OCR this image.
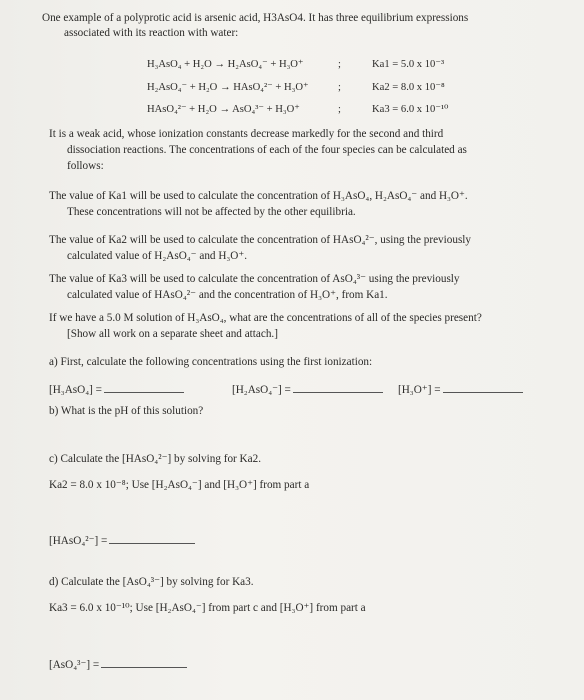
One example of a polyprotic acid is arsenic acid, H3AsO4. It has three equilibrium expressions
associated with its reaction with water:
H₃AsO₄ + H₂O → H₂AsO₄⁻ + H₃O⁺	;	Ka1 = 5.0 x 10⁻³
H₂AsO₄⁻ + H₂O → HAsO₄²⁻ + H₃O⁺	;	Ka2 = 8.0 x 10⁻⁸
HAsO₄²⁻ + H₂O → AsO₄³⁻ + H₃O⁺	;	Ka3 = 6.0 x 10⁻¹⁰
It is a weak acid, whose ionization constants decrease markedly for the second and third
dissociation reactions. The concentrations of each of the four species can be calculated as
follows:
The value of Ka1 will be used to calculate the concentration of H₃AsO₄, H₂AsO₄⁻ and H₃O⁺.
These concentrations will not be affected by the other equilibria.
The value of Ka2 will be used to calculate the concentration of HAsO₄²⁻, using the previously
calculated value of H₂AsO₄⁻ and H₃O⁺.
The value of Ka3 will be used to calculate the concentration of AsO₄³⁻ using the previously
calculated value of HAsO₄²⁻ and the concentration of H₃O⁺, from Ka1.
If we have a 5.0 M solution of H₃AsO₄, what are the concentrations of all of the species present?
[Show all work on a separate sheet and attach.]
a) First, calculate the following concentrations using the first ionization:
[H₃AsO₄] =	[H₂AsO₄⁻] =	[H₃O⁺] =
b) What is the pH of this solution?
c) Calculate the [HAsO₄²⁻] by solving for Ka2.
Ka2 = 8.0 x 10⁻⁸; Use [H₂AsO₄⁻] and [H₃O⁺] from part a
[HAsO₄²⁻] =
d) Calculate the [AsO₄³⁻] by solving for Ka3.
Ka3 = 6.0 x 10⁻¹⁰; Use [H₂AsO₄⁻] from part c and [H₃O⁺] from part a
[AsO₄³⁻] =
